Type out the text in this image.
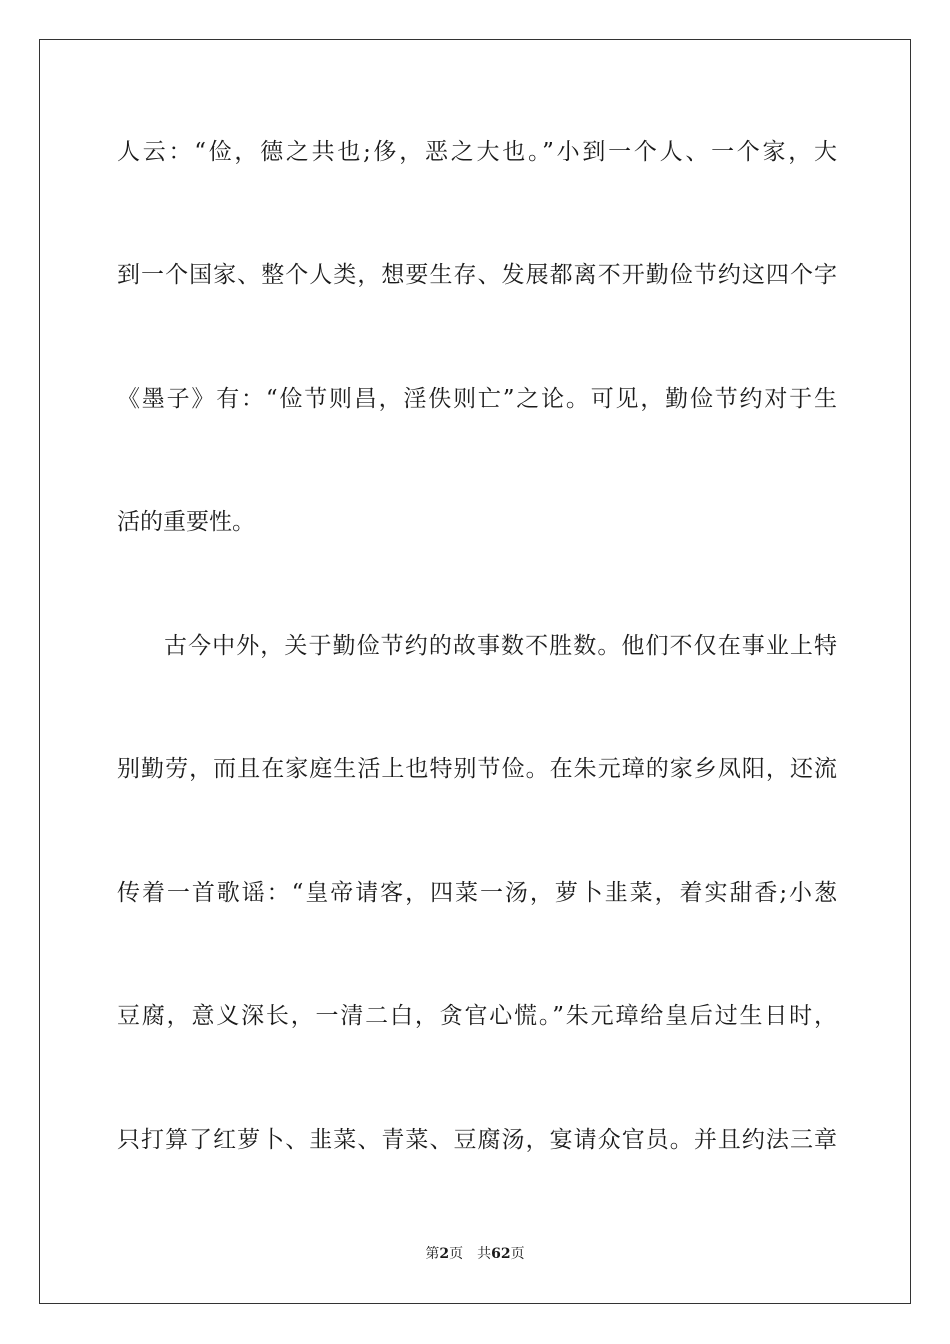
人云：“俭，德之共也;侈，恶之大也。”小到一个人、一个家，大
到一个国家、整个人类，想要生存、发展都离不开勤俭节约这四个字
《墨子》有：“俭节则昌，淫佚则亡”之论。可见，勤俭节约对于生
活的重要性。
古今中外，关于勤俭节约的故事数不胜数。他们不仅在事业上特
别勤劳，而且在家庭生活上也特别节俭。在朱元璋的家乡凤阳，还流
传着一首歌谣：“皇帝请客，四菜一汤，萝卜韭菜，着实甜香;小葱
豆腐，意义深长，一清二白，贪官心慌。”朱元璋给皇后过生日时，
只打算了红萝卜、韭菜、青菜、豆腐汤，宴请众官员。并且约法三章
第2页 共62页
